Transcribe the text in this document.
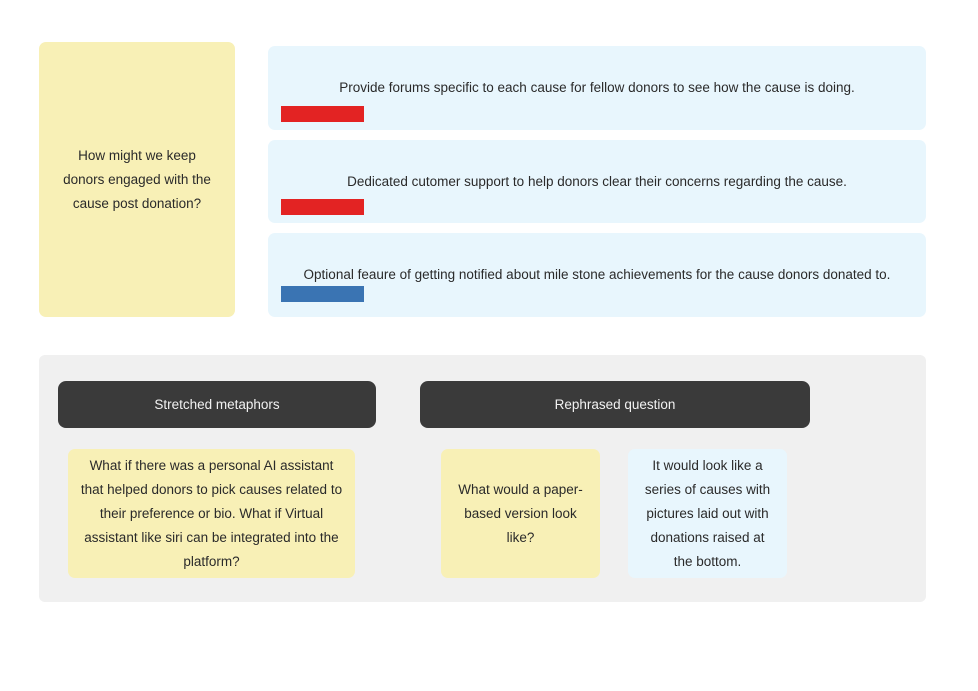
How might we keep donors engaged with the cause post donation?
Provide forums specific to each cause for fellow donors to see how the cause is doing.
Dedicated cutomer support to help donors clear their concerns regarding the cause.
Optional feaure of getting notified about mile stone achievements for the cause donors donated to.
Stretched metaphors	Rephrased question
What if there was a personal AI assistant that helped donors to pick causes related to their preference or bio. What if Virtual assistant like siri can be integrated into the platform?
What would a paper-based version look like?
It would look like a series of causes with pictures laid out with donations raised at the bottom.
